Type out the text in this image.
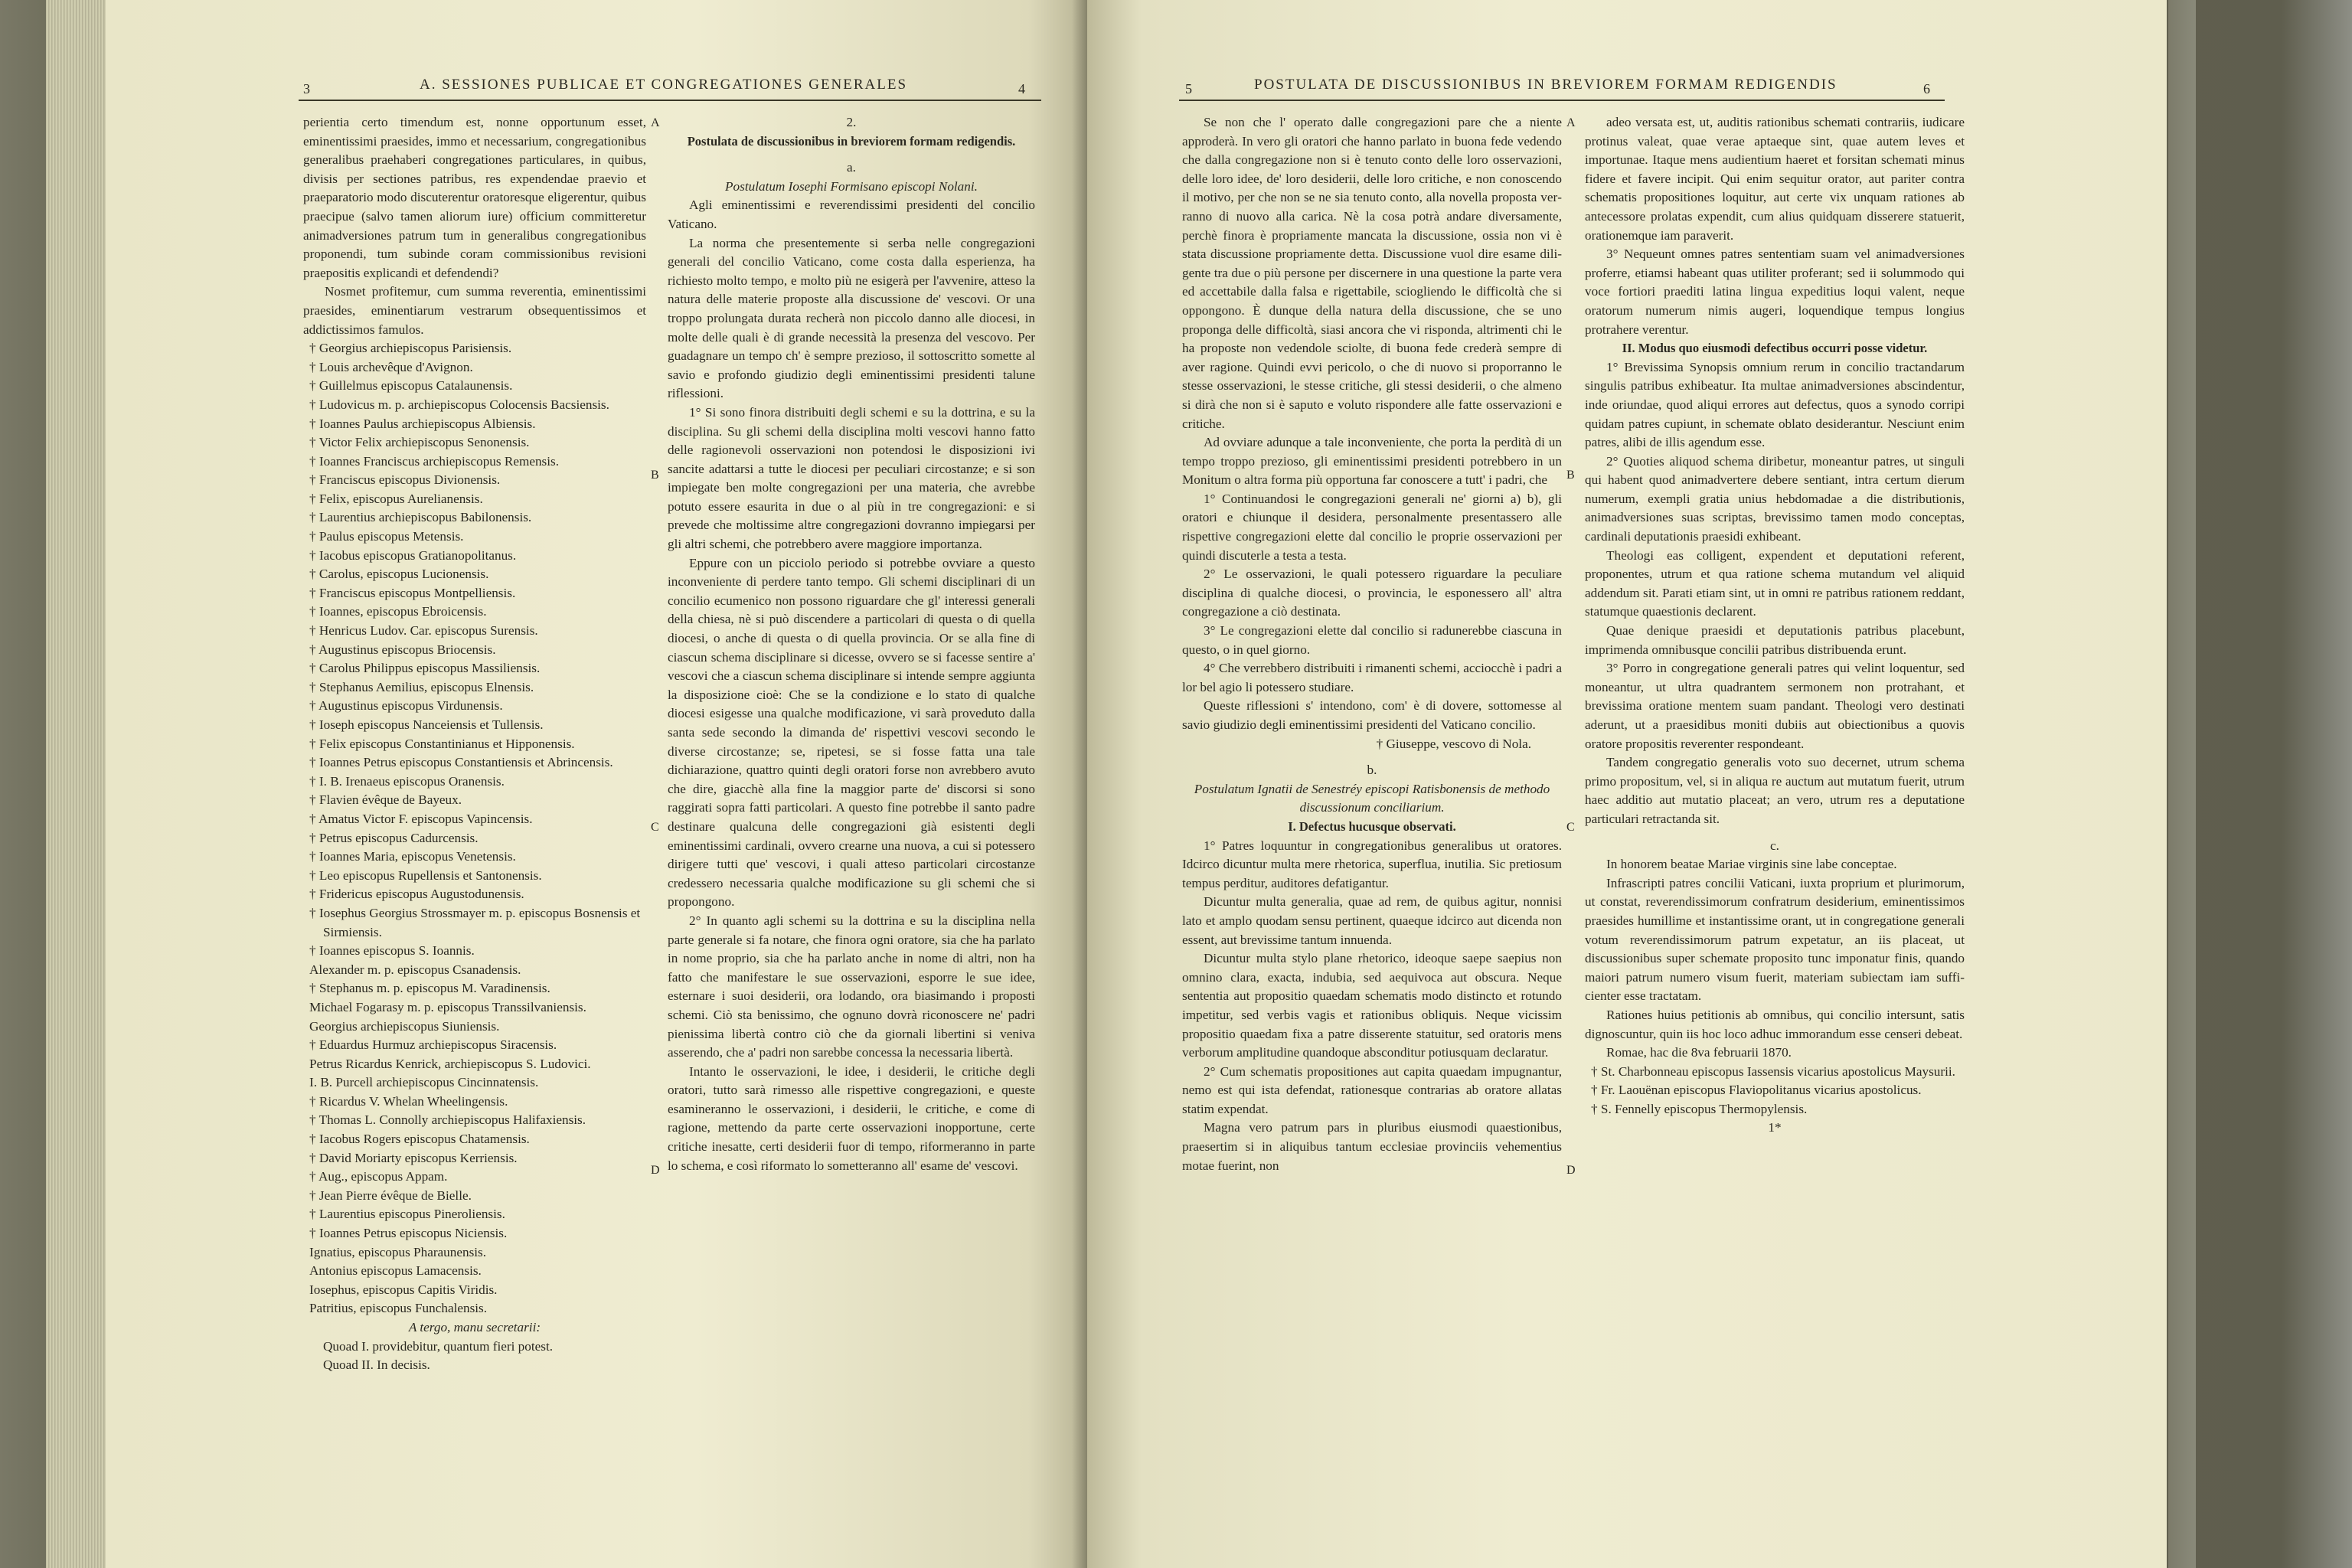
3	A. SESSIONES PUBLICAE ET CONGREGATIONES GENERALES	4

perientia certo timendum est, nonne opportunum esset, eminentissimi praesides, immo et necessarium, congregationibus generalibus praehaberi congregationes particulares, in quibus, divisis per sectiones patribus, res expendendae praevio et praeparatorio modo discuterentur oratoresque eligerentur, quibus praecipue (salvo tamen aliorum iure) officium committeretur animadversiones patrum tum in generalibus congregationibus proponendi, tum subinde coram commissionibus revisioni praepositis explicandi et defendendi?

Nosmet profitemur, cum summa reverentia, eminentissimi praesides, eminentiarum vestrarum obsequentissimos et addictissimos famulos.

† Georgius archiepiscopus Parisiensis.

† Louis archevêque d'Avignon.

† Guillelmus episcopus Catalaunensis.

† Ludovicus m. p. archiepiscopus Colocensis Bacsiensis.

† Ioannes Paulus archiepiscopus Albiensis.

† Victor Felix archiepiscopus Senonensis.

† Ioannes Franciscus archiepiscopus Remensis.

† Franciscus episcopus Divionensis.

† Felix, episcopus Aurelianensis.

† Laurentius archiepiscopus Babilonensis.

† Paulus episcopus Metensis.

† Iacobus episcopus Gratianopolitanus.

† Carolus, episcopus Lucionensis.

† Franciscus episcopus Montpelliensis.

† Ioannes, episcopus Ebroicensis.

† Henricus Ludov. Car. episcopus Surensis.

† Augustinus episcopus Briocensis.

† Carolus Philippus episcopus Massiliensis.

† Stephanus Aemilius, episcopus Elnensis.

† Augustinus episcopus Virdunensis.

† Ioseph episcopus Nanceiensis et Tullensis.

† Felix episcopus Constantinianus et Hipponensis.

† Ioannes Petrus episcopus Constantiensis et Abrincensis.

† I. B. Irenaeus episcopus Oranensis.

† Flavien évêque de Bayeux.

† Amatus Victor F. episcopus Vapincensis.

† Petrus episcopus Cadurcensis.

† Ioannes Maria, episcopus Venetensis.

† Leo episcopus Rupellensis et Santonensis.

† Fridericus episcopus Augustodunensis.

† Iosephus Georgius Strossmayer m. p. episcopus Bosnensis et Sirmiensis.

† Ioannes episcopus S. Ioannis.

Alexander m. p. episcopus Csanadensis.

† Stephanus m. p. episcopus M. Varadinensis.

Michael Fogarasy m. p. episcopus Transsilvaniensis.

Georgius archiepiscopus Siuniensis.

† Eduardus Hurmuz archiepiscopus Siracensis.

Petrus Ricardus Kenrick, archiepiscopus S. Ludovici.

I. B. Purcell archiepiscopus Cincinnatensis.

† Ricardus V. Whelan Wheelingensis.

† Thomas L. Connolly archiepiscopus Halifaxiensis.

† Iacobus Rogers episcopus Chatamensis.

† David Moriarty episcopus Kerriensis.

† Aug., episcopus Appam.

† Jean Pierre évêque de Bielle.

† Laurentius episcopus Pineroliensis.

† Ioannes Petrus episcopus Niciensis.

Ignatius, episcopus Pharaunensis.

Antonius episcopus Lamacensis.

Iosephus, episcopus Capitis Viridis.

Patritius, episcopus Funchalensis.

A tergo, manu secretarii:

Quoad I. providebitur, quantum fieri potest.

Quoad II. In decisis.

A
B
C
D

2.

Postulata de discussionibus in breviorem formam redigendis.

a.

Postulatum Iosephi Formisano episcopi Nolani.

Agli eminentissimi e reverendissimi presidenti del concilio Vaticano.

La norma che presentemente si serba nelle congregazioni generali del concilio Vaticano, come costa dalla esperienza, ha richiesto molto tempo, e molto più ne esigerà per l'avvenire, atteso la natura delle materie proposte alla discussione de' vescovi. Or una troppo prolungata durata recherà non piccolo danno alle diocesi, in molte delle quali è di grande necessità la presenza del vescovo. Per guadagnare un tempo ch' è sempre prezioso, il sottoscritto somette al savio e profondo giudizio degli eminentissimi presidenti talune riflessioni.

1° Si sono finora distribuiti degli schemi e su la dottrina, e su la disciplina. Su gli schemi della disciplina molti vescovi hanno fatto delle ragionevoli osservazioni non potendosi le disposizioni ivi sancite adattarsi a tutte le diocesi per peculiari circostanze; e si son impiegate ben molte congregazioni per una materia, che avrebbe potuto essere esaurita in due o al più in tre congregazioni: e si prevede che moltissime altre congregazioni dovranno impiegarsi per gli altri schemi, che potrebbero avere maggiore importanza.

Eppure con un picciolo periodo si potrebbe ovviare a questo inconveniente di perdere tanto tempo. Gli schemi disciplinari di un concilio ecumenico non possono riguardare che gl' interessi generali della chiesa, nè si può discendere a particolari di questa o di quella diocesi, o anche di questa o di quella provincia. Or se alla fine di ciascun schema disciplinare si dicesse, ovvero se si facesse sentire a' vescovi che a ciascun schema disciplinare si intende sempre aggiunta la disposizione cioè: Che se la condizione e lo stato di qualche diocesi esigesse una qualche modificazione, vi sarà proveduto dalla santa sede secondo la dimanda de' rispettivi vescovi secondo le diverse circostanze; se, ripetesi, se si fosse fatta una tale dichiarazione, quattro quinti degli oratori forse non avrebbero avuto che dire, giacchè alla fine la maggior parte de' discorsi si sono raggirati sopra fatti particolari. A questo fine potrebbe il santo padre destinare qualcuna delle congregazioni già esistenti degli eminentissimi cardinali, ovvero crearne una nuova, a cui si potessero dirigere tutti que' vescovi, i quali atteso particolari circostanze credessero necessaria qualche modificazione su gli schemi che si propongono.

2° In quanto agli schemi su la dottrina e su la disciplina nella parte generale si fa notare, che finora ogni oratore, sia che ha parlato in nome proprio, sia che ha parlato anche in nome di altri, non ha fatto che manifestare le sue osservazioni, esporre le sue idee, esternare i suoi desiderii, ora lodando, ora biasimando i proposti schemi. Ciò sta benissimo, che ognuno dovrà riconoscere ne' padri pienissima libertà contro ciò che da giornali libertini si veniva asserendo, che a' padri non sarebbe concessa la necessaria libertà.

Intanto le osservazioni, le idee, i desiderii, le critiche degli oratori, tutto sarà rimesso alle rispettive congregazioni, e queste esamineranno le osservazioni, i desiderii, le critiche, e come di ragione, mettendo da parte certe osservazioni inopportune, certe critiche inesatte, certi desiderii fuor di tempo, riformeranno in parte lo schema, e così riformato lo sometteranno all' esame de' vescovi.

5	POSTULATA DE DISCUSSIONIBUS IN BREVIOREM FORMAM REDIGENDIS	6

Se non che l' operato dalle congregazioni pare che a niente approderà. In vero gli oratori che hanno parlato in buona fede vedendo che dalla congregazione non si è tenuto conto delle loro osservazioni, delle loro idee, de' loro desiderii, delle loro critiche, e non conoscendo il motivo, per che non se ne sia tenuto conto, alla novella proposta verranno di nuovo alla carica. Nè la cosa potrà andare diversamente, perchè finora è propriamente mancata la discussione, ossia non vi è stata discussione propriamente detta. Discussione vuol dire esame diligente tra due o più persone per discernere in una questione la parte vera ed accettabile dalla falsa e rigettabile, sciogliendo le difficoltà che si oppongono. È dunque della natura della discussione, che se uno proponga delle difficoltà, siasi ancora che vi risponda, altrimenti chi le ha proposte non vedendole sciolte, di buona fede crederà sempre di aver ragione. Quindi evvi pericolo, o che di nuovo si proporranno le stesse osservazioni, le stesse critiche, gli stessi desiderii, o che almeno si dirà che non si è saputo e voluto rispondere alle fatte osservazioni e critiche.

Ad ovviare adunque a tale inconveniente, che porta la perdità di un tempo troppo prezioso, gli eminentissimi presidenti potrebbero in un Monitum o altra forma più opportuna far conoscere a tutt' i padri, che

1° Continuandosi le congregazioni generali ne' giorni a) b), gli oratori e chiunque il desidera, personalmente presentassero alle rispettive congregazioni elette dal concilio le proprie osservazioni per quindi discuterle a testa a testa.

2° Le osservazioni, le quali potessero riguardare la peculiare disciplina di qualche diocesi, o provincia, le esponessero all' altra congregazione a ciò destinata.

3° Le congregazioni elette dal concilio si radunerebbe ciascuna in questo, o in quel giorno.

4° Che verrebbero distribuiti i rimanenti schemi, acciocchè i padri a lor bel agio li potessero studiare.

Queste riflessioni s' intendono, com' è di dovere, sottomesse al savio giudizio degli eminentissimi presidenti del Vaticano concilio.

† Giuseppe, vescovo di Nola.

b.

Postulatum Ignatii de Senestréy episcopi Ratisbonensis de methodo discussionum conciliarium.

I. Defectus hucusque observati.

1° Patres loquuntur in congregationibus generalibus ut oratores. Idcirco dicuntur multa mere rhetorica, superflua, inutilia. Sic pretiosum tempus perditur, auditores defatigantur.

Dicuntur multa generalia, quae ad rem, de quibus agitur, nonnisi lato et amplo quodam sensu pertinent, quaeque idcirco aut dicenda non essent, aut brevissime tantum innuenda.

Dicuntur multa stylo plane rhetorico, ideoque saepe saepius non omnino clara, exacta, indubia, sed aequivoca aut obscura. Neque sententia aut propositio quaedam schematis modo distincto et rotundo impetitur, sed verbis vagis et rationibus obliquis. Neque vicissim propositio quaedam fixa a patre disserente statuitur, sed oratoris mens verborum amplitudine quandoque absconditur potiusquam declaratur.

2° Cum schematis propositiones aut capita quaedam impugnantur, nemo est qui ista defendat, rationesque contrarias ab oratore allatas statim expendat.

Magna vero patrum pars in pluribus eiusmodi quaestionibus, praesertim si in aliquibus tantum ecclesiae provinciis vehementius motae fuerint, non

A
B
C
D

adeo versata est, ut, auditis rationibus schemati contrariis, iudicare protinus valeat, quae verae aptaeque sint, quae autem leves et importunae. Itaque mens audientium haeret et forsitan schemati minus fidere et favere incipit. Qui enim sequitur orator, aut pariter contra schematis propositiones loquitur, aut certe vix unquam rationes ab antecessore prolatas expendit, cum alius quidquam disserere statuerit, orationemque iam paraverit.

3° Nequeunt omnes patres sententiam suam vel animadversiones proferre, etiamsi habeant quas utiliter proferant; sed ii solummodo qui voce fortiori praediti latina lingua expeditius loqui valent, neque oratorum numerum nimis augeri, loquendique tempus longius protrahere verentur.

II. Modus quo eiusmodi defectibus occurri posse videtur.

1° Brevissima Synopsis omnium rerum in concilio tractandarum singulis patribus exhibeatur. Ita multae animadversiones abscindentur, inde oriundae, quod aliqui errores aut defectus, quos a synodo corripi quidam patres cupiunt, in schemate oblato desiderantur. Nesciunt enim patres, alibi de illis agendum esse.

2° Quoties aliquod schema diribetur, moneantur patres, ut singuli qui habent quod animadvertere debere sentiant, intra certum dierum numerum, exempli gratia unius hebdomadae a die distributionis, animadversiones suas scriptas, brevissimo tamen modo conceptas, cardinali deputationis praesidi exhibeant.

Theologi eas colligent, expendent et deputationi referent, proponentes, utrum et qua ratione schema mutandum vel aliquid addendum sit. Parati etiam sint, ut in omni re patribus rationem reddant, statumque quaestionis declarent.

Quae denique praesidi et deputationis patribus placebunt, imprimenda omnibusque concilii patribus distribuenda erunt.

3° Porro in congregatione generali patres qui velint loquentur, sed moneantur, ut ultra quadrantem sermonem non protrahant, et brevissima oratione mentem suam pandant. Theologi vero destinati aderunt, ut a praesidibus moniti dubiis aut obiectionibus a quovis oratore propositis reverenter respondeant.

Tandem congregatio generalis voto suo decernet, utrum schema primo propositum, vel, si in aliqua re auctum aut mutatum fuerit, utrum haec additio aut mutatio placeat; an vero, utrum res a deputatione particulari retractanda sit.

c.

In honorem beatae Mariae virginis sine labe conceptae.

Infrascripti patres concilii Vaticani, iuxta proprium et plurimorum, ut constat, reverendissimorum confratrum desiderium, eminentissimos praesides humillime et instantissime orant, ut in congregatione generali votum reverendissimorum patrum expetatur, an iis placeat, ut discussionibus super schemate proposito tunc imponatur finis, quando maiori patrum numero visum fuerit, materiam subiectam iam sufficienter esse tractatam.

Rationes huius petitionis ab omnibus, qui concilio intersunt, satis dignoscuntur, quin iis hoc loco adhuc immorandum esse censeri debeat.

Romae, hac die 8va februarii 1870.

† St. Charbonneau episcopus Iassensis vicarius apostolicus Maysurii.

† Fr. Laouënan episcopus Flaviopolitanus vicarius apostolicus.

† S. Fennelly episcopus Thermopylensis.

1*
